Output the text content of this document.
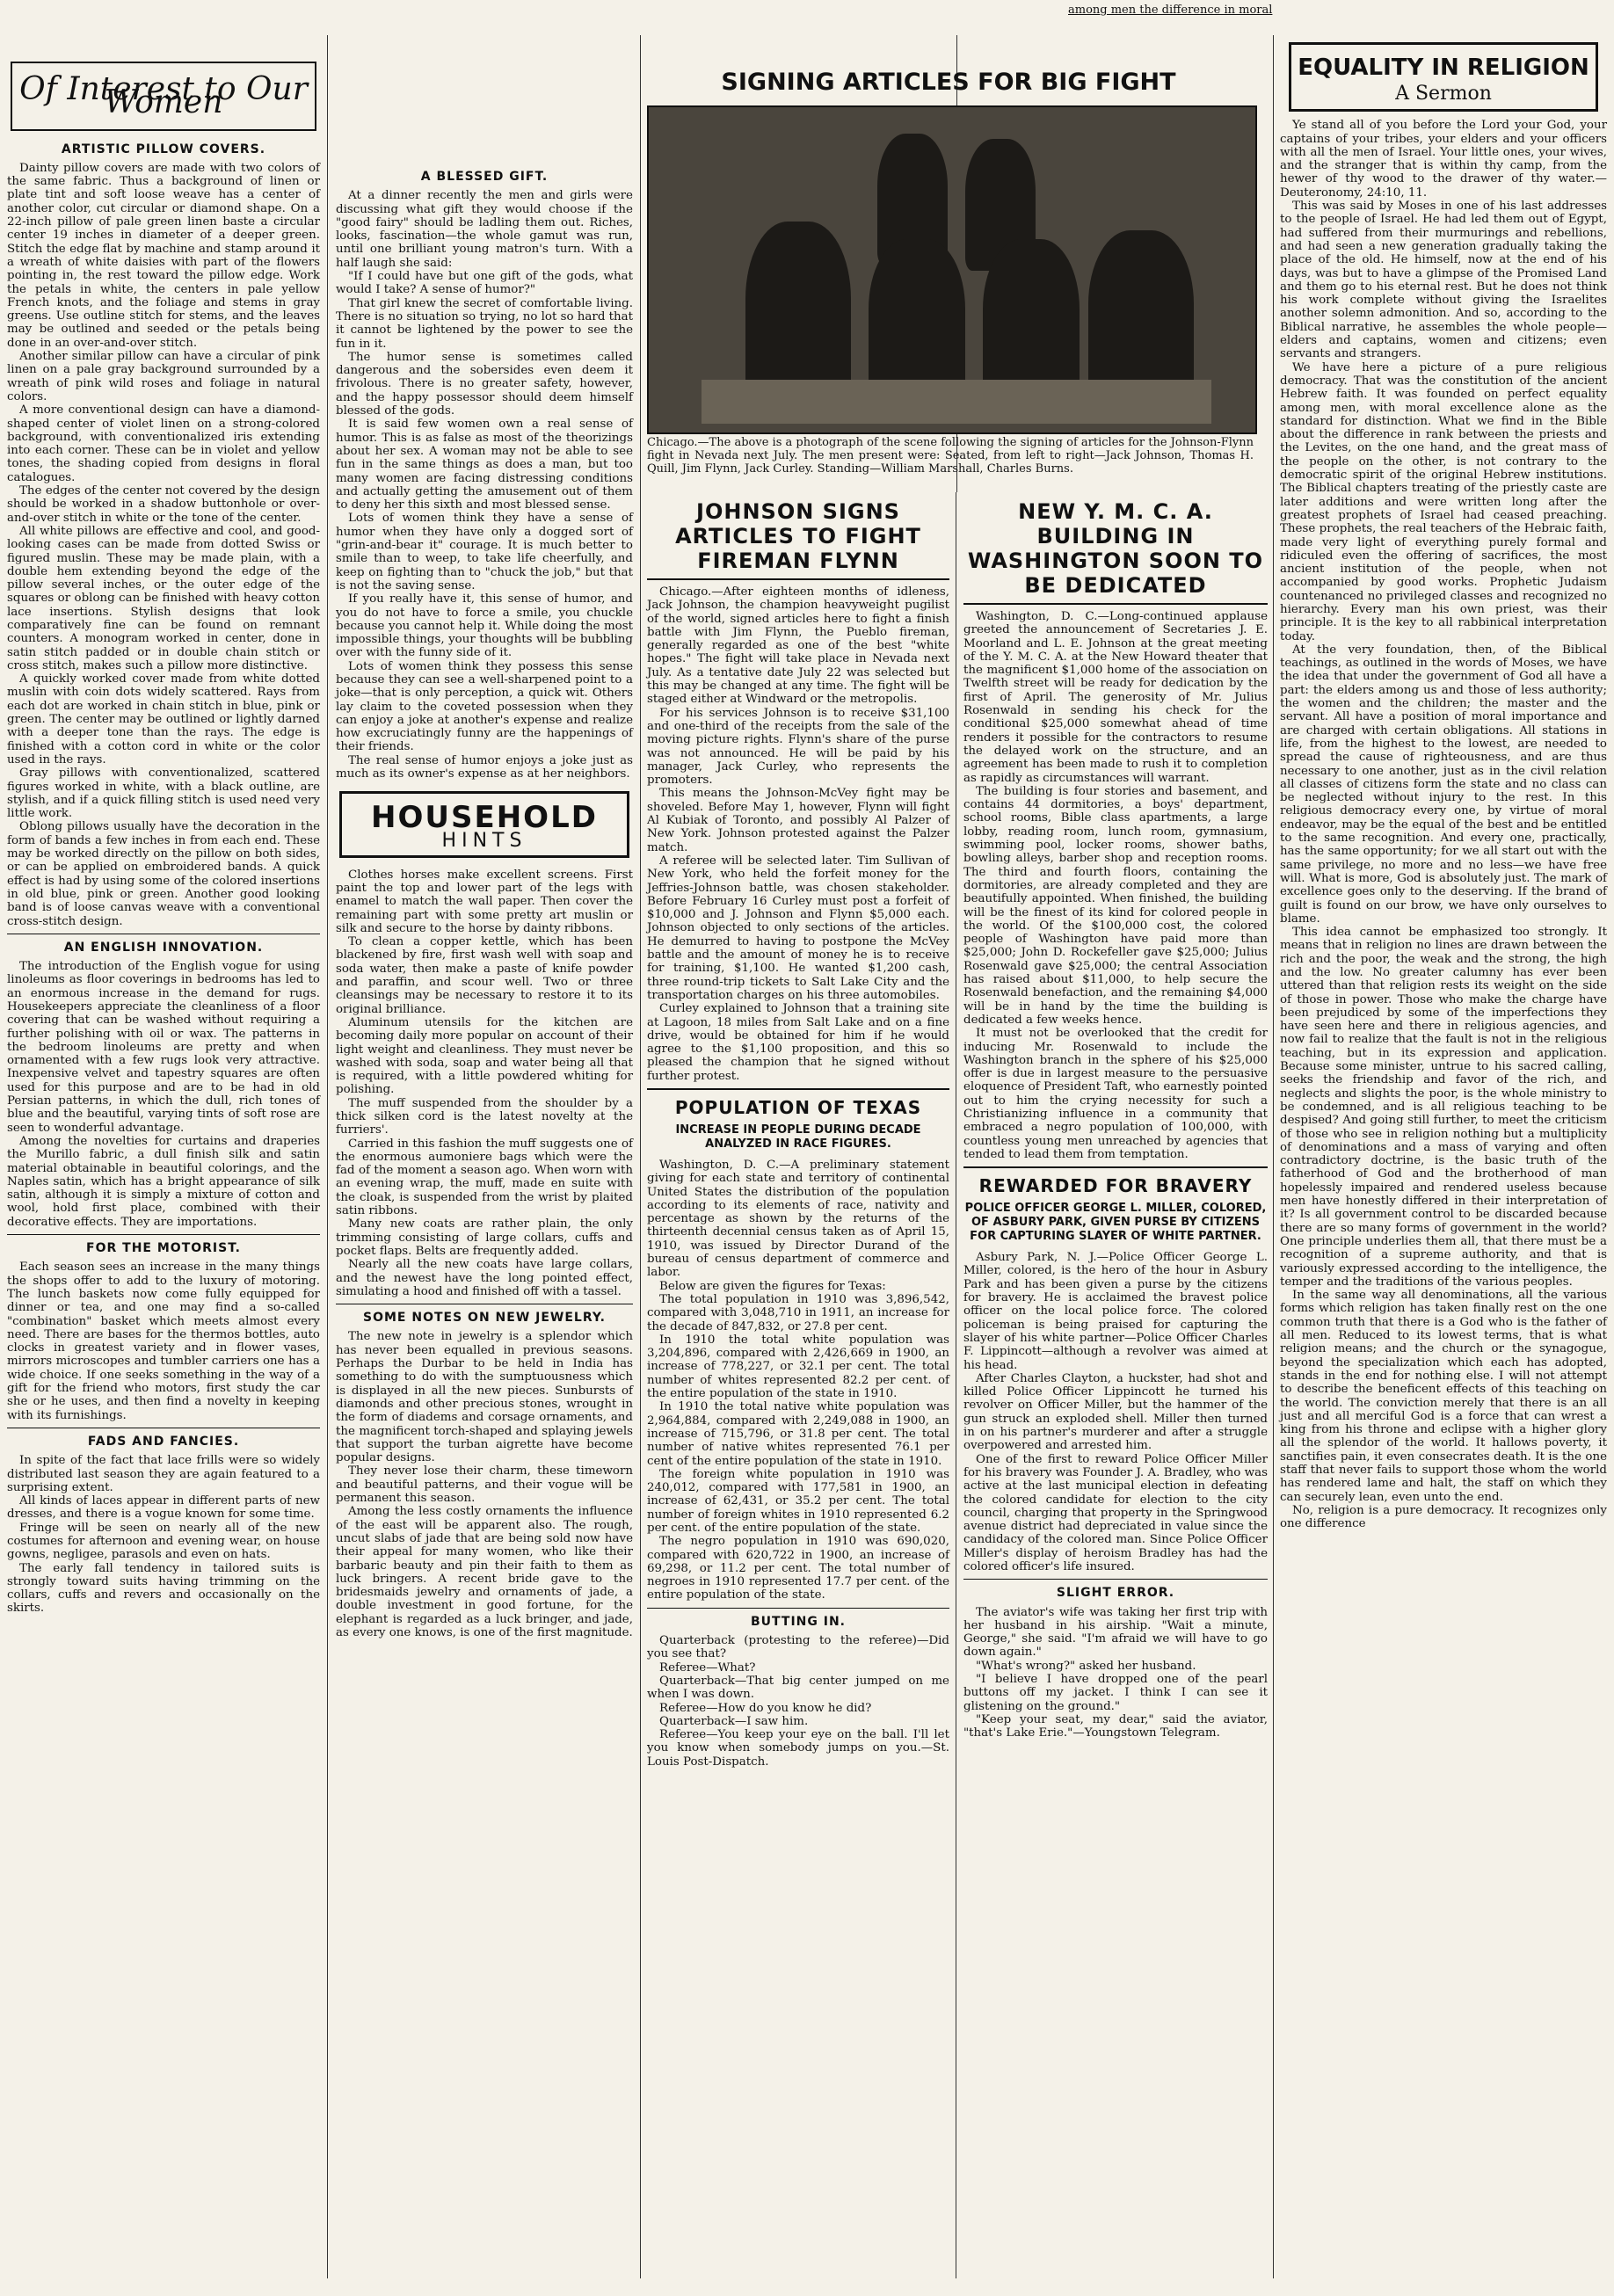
among men the difference in moral
Of Interest to Our Women
ARTISTIC PILLOW COVERS.

Dainty pillow covers are made with two colors of the same fabric. Thus a background of linen or plate tint and soft loose weave has a center of another color, cut circular or diamond shape. On a 22-inch pillow of pale green linen baste a circular center 19 inches in diameter of a deeper green. Stitch the edge flat by machine and stamp around it a wreath of white daisies with part of the flowers pointing in, the rest toward the pillow edge. Work the petals in white, the centers in pale yellow French knots, and the foliage and stems in gray greens. Use outline stitch for stems, and the leaves may be outlined and seeded or the petals being done in an over-and-over stitch.

Another similar pillow can have a circular of pink linen on a pale gray background surrounded by a wreath of pink wild roses and foliage in natural colors.

A more conventional design can have a diamond-shaped center of violet linen on a strong-colored background, with conventionalized iris extending into each corner. These can be in violet and yellow tones, the shading copied from designs in floral catalogues.

The edges of the center not covered by the design should be worked in a shadow buttonhole or over-and-over stitch in white or the tone of the center.

All white pillows are effective and cool, and good-looking cases can be made from dotted Swiss or figured muslin. These may be made plain, with a double hem extending beyond the edge of the pillow several inches, or the outer edge of the squares or oblong can be finished with heavy cotton lace insertions. Stylish designs that look comparatively fine can be found on remnant counters. A monogram worked in center, done in satin stitch padded or in double chain stitch or cross stitch, makes such a pillow more distinctive.

A quickly worked cover made from white dotted muslin with coin dots widely scattered. Rays from each dot are worked in chain stitch in blue, pink or green. The center may be outlined or lightly darned with a deeper tone than the rays. The edge is finished with a cotton cord in white or the color used in the rays.

Gray pillows with conventionalized, scattered figures worked in white, with a black outline, are stylish, and if a quick filling stitch is used need very little work.

Oblong pillows usually have the decoration in the form of bands a few inches in from each end. These may be worked directly on the pillow on both sides, or can be applied on embroidered bands. A quick effect is had by using some of the colored insertions in old blue, pink or green. Another good looking band is of loose canvas weave with a conventional cross-stitch design.

AN ENGLISH INNOVATION.

The introduction of the English vogue for using linoleums as floor coverings in bedrooms has led to an enormous increase in the demand for rugs. Housekeepers appreciate the cleanliness of a floor covering that can be washed without requiring a further polishing with oil or wax. The patterns in the bedroom linoleums are pretty and when ornamented with a few rugs look very attractive. Inexpensive velvet and tapestry squares are often used for this purpose and are to be had in old Persian patterns, in which the dull, rich tones of blue and the beautiful, varying tints of soft rose are seen to wonderful advantage.

Among the novelties for curtains and draperies the Murillo fabric, a dull finish silk and satin material obtainable in beautiful colorings, and the Naples satin, which has a bright appearance of silk satin, although it is simply a mixture of cotton and wool, hold first place, combined with their decorative effects. They are importations.

FOR THE MOTORIST.

Each season sees an increase in the many things the shops offer to add to the luxury of motoring. The lunch baskets now come fully equipped for dinner or tea, and one may find a so-called "combination" basket which meets almost every need. There are bases for the thermos bottles, auto clocks in greatest variety and in flower vases, mirrors microscopes and tumbler carriers one has a wide choice. If one seeks something in the way of a gift for the friend who motors, first study the car she or he uses, and then find a novelty in keeping with its furnishings.

FADS AND FANCIES.

In spite of the fact that lace frills were so widely distributed last season they are again featured to a surprising extent.

All kinds of laces appear in different parts of new dresses, and there is a vogue known for some time.

Fringe will be seen on nearly all of the new costumes for afternoon and evening wear, on house gowns, negligee, parasols and even on hats.

The early fall tendency in tailored suits is strongly toward suits having trimming on the collars, cuffs and revers and occasionally on the skirts.

A BLESSED GIFT.

At a dinner recently the men and girls were discussing what gift they would choose if the "good fairy" should be ladling them out. Riches, looks, fascination—the whole gamut was run, until one brilliant young matron's turn. With a half laugh she said:

"If I could have but one gift of the gods, what would I take? A sense of humor?"

That girl knew the secret of comfortable living. There is no situation so trying, no lot so hard that it cannot be lightened by the power to see the fun in it.

The humor sense is sometimes called dangerous and the sobersides even deem it frivolous. There is no greater safety, however, and the happy possessor should deem himself blessed of the gods.

It is said few women own a real sense of humor. This is as false as most of the theorizings about her sex. A woman may not be able to see fun in the same things as does a man, but too many women are facing distressing conditions and actually getting the amusement out of them to deny her this sixth and most blessed sense.

Lots of women think they have a sense of humor when they have only a dogged sort of "grin-and-bear it" courage. It is much better to smile than to weep, to take life cheerfully, and keep on fighting than to "chuck the job," but that is not the saving sense.

If you really have it, this sense of humor, and you do not have to force a smile, you chuckle because you cannot help it. While doing the most impossible things, your thoughts will be bubbling over with the funny side of it.

Lots of women think they possess this sense because they can see a well-sharpened point to a joke—that is only perception, a quick wit. Others lay claim to the coveted possession when they can enjoy a joke at another's expense and realize how excruciatingly funny are the happenings of their friends.

The real sense of humor enjoys a joke just as much as its owner's expense as at her neighbors.

HOUSEHOLD
HINTS

Clothes horses make excellent screens. First paint the top and lower part of the legs with enamel to match the wall paper. Then cover the remaining part with some pretty art muslin or silk and secure to the horse by dainty ribbons.

To clean a copper kettle, which has been blackened by fire, first wash well with soap and soda water, then make a paste of knife powder and paraffin, and scour well. Two or three cleansings may be necessary to restore it to its original brilliance.

Aluminum utensils for the kitchen are becoming daily more popular on account of their light weight and cleanliness. They must never be washed with soda, soap and water being all that is required, with a little powdered whiting for polishing.

The muff suspended from the shoulder by a thick silken cord is the latest novelty at the furriers'.

Carried in this fashion the muff suggests one of the enormous aumoniere bags which were the fad of the moment a season ago. When worn with an evening wrap, the muff, made en suite with the cloak, is suspended from the wrist by plaited satin ribbons.

Many new coats are rather plain, the only trimming consisting of large collars, cuffs and pocket flaps. Belts are frequently added.

Nearly all the new coats have large collars, and the newest have the long pointed effect, simulating a hood and finished off with a tassel.

SOME NOTES ON NEW JEWELRY.

The new note in jewelry is a splendor which has never been equalled in previous seasons. Perhaps the Durbar to be held in India has something to do with the sumptuousness which is displayed in all the new pieces. Sunbursts of diamonds and other precious stones, wrought in the form of diadems and corsage ornaments, and the magnificent torch-shaped and splaying jewels that support the turban aigrette have become popular designs.

They never lose their charm, these timeworn and beautiful patterns, and their vogue will be permanent this season.

Among the less costly ornaments the influence of the east will be apparent also. The rough, uncut slabs of jade that are being sold now have their appeal for many women, who like their barbaric beauty and pin their faith to them as luck bringers. A recent bride gave to the bridesmaids jewelry and ornaments of jade, a double investment in good fortune, for the elephant is regarded as a luck bringer, and jade, as every one knows, is one of the first magnitude.

SIGNING ARTICLES FOR BIG FIGHT
Chicago.—The above is a photograph of the scene following the signing of articles for the Johnson-Flynn fight in Nevada next July. The men present were: Seated, from left to right—Jack Johnson, Thomas H. Quill, Jim Flynn, Jack Curley. Standing—William Marshall, Charles Burns.
JOHNSON SIGNS ARTICLES TO FIGHT FIREMAN FLYNN

Chicago.—After eighteen months of idleness, Jack Johnson, the champion heavyweight pugilist of the world, signed articles here to fight a finish battle with Jim Flynn, the Pueblo fireman, generally regarded as one of the best "white hopes." The fight will take place in Nevada next July. As a tentative date July 22 was selected but this may be changed at any time. The fight will be staged either at Windward or the metropolis.

For his services Johnson is to receive $31,100 and one-third of the receipts from the sale of the moving picture rights. Flynn's share of the purse was not announced. He will be paid by his manager, Jack Curley, who represents the promoters.

This means the Johnson-McVey fight may be shoveled. Before May 1, however, Flynn will fight Al Kubiak of Toronto, and possibly Al Palzer of New York. Johnson protested against the Palzer match.

A referee will be selected later. Tim Sullivan of New York, who held the forfeit money for the Jeffries-Johnson battle, was chosen stakeholder. Before February 16 Curley must post a forfeit of $10,000 and J. Johnson and Flynn $5,000 each. Johnson objected to only sections of the articles. He demurred to having to postpone the McVey battle and the amount of money he is to receive for training, $1,100. He wanted $1,200 cash, three round-trip tickets to Salt Lake City and the transportation charges on his three automobiles.

Curley explained to Johnson that a training site at Lagoon, 18 miles from Salt Lake and on a fine drive, would be obtained for him if he would agree to the $1,100 proposition, and this so pleased the champion that he signed without further protest.

POPULATION OF TEXAS
INCREASE IN PEOPLE DURING DECADE ANALYZED IN RACE FIGURES.

Washington, D. C.—A preliminary statement giving for each state and territory of continental United States the distribution of the population according to its elements of race, nativity and percentage as shown by the returns of the thirteenth decennial census taken as of April 15, 1910, was issued by Director Durand of the bureau of census department of commerce and labor.

Below are given the figures for Texas:

The total population in 1910 was 3,896,542, compared with 3,048,710 in 1911, an increase for the decade of 847,832, or 27.8 per cent.

In 1910 the total white population was 3,204,896, compared with 2,426,669 in 1900, an increase of 778,227, or 32.1 per cent. The total number of whites represented 82.2 per cent. of the entire population of the state in 1910.

In 1910 the total native white population was 2,964,884, compared with 2,249,088 in 1900, an increase of 715,796, or 31.8 per cent. The total number of native whites represented 76.1 per cent of the entire population of the state in 1910.

The foreign white population in 1910 was 240,012, compared with 177,581 in 1900, an increase of 62,431, or 35.2 per cent. The total number of foreign whites in 1910 represented 6.2 per cent. of the entire population of the state.

The negro population in 1910 was 690,020, compared with 620,722 in 1900, an increase of 69,298, or 11.2 per cent. The total number of negroes in 1910 represented 17.7 per cent. of the entire population of the state.

BUTTING IN.

Quarterback (protesting to the referee)—Did you see that?

Referee—What?

Quarterback—That big center jumped on me when I was down.

Referee—How do you know he did?

Quarterback—I saw him.

Referee—You keep your eye on the ball. I'll let you know when somebody jumps on you.—St. Louis Post-Dispatch.

NEW Y. M. C. A. BUILDING IN WASHINGTON SOON TO BE DEDICATED

Washington, D. C.—Long-continued applause greeted the announcement of Secretaries J. E. Moorland and L. E. Johnson at the great meeting of the Y. M. C. A. at the New Howard theater that the magnificent $1,000 home of the association on Twelfth street will be ready for dedication by the first of April. The generosity of Mr. Julius Rosenwald in sending his check for the conditional $25,000 somewhat ahead of time renders it possible for the contractors to resume the delayed work on the structure, and an agreement has been made to rush it to completion as rapidly as circumstances will warrant.

The building is four stories and basement, and contains 44 dormitories, a boys' department, school rooms, Bible class apartments, a large lobby, reading room, lunch room, gymnasium, swimming pool, locker rooms, shower baths, bowling alleys, barber shop and reception rooms. The third and fourth floors, containing the dormitories, are already completed and they are beautifully appointed. When finished, the building will be the finest of its kind for colored people in the world. Of the $100,000 cost, the colored people of Washington have paid more than $25,000; John D. Rockefeller gave $25,000; Julius Rosenwald gave $25,000; the central Association has raised about $11,000, to help secure the Rosenwald benefaction, and the remaining $4,000 will be in hand by the time the building is dedicated a few weeks hence.

It must not be overlooked that the credit for inducing Mr. Rosenwald to include the Washington branch in the sphere of his $25,000 offer is due in largest measure to the persuasive eloquence of President Taft, who earnestly pointed out to him the crying necessity for such a Christianizing influence in a community that embraced a negro population of 100,000, with countless young men unreached by agencies that tended to lead them from temptation.

REWARDED FOR BRAVERY
POLICE OFFICER GEORGE L. MILLER, COLORED, OF ASBURY PARK, GIVEN PURSE BY CITIZENS FOR CAPTURING SLAYER OF WHITE PARTNER.

Asbury Park, N. J.—Police Officer George L. Miller, colored, is the hero of the hour in Asbury Park and has been given a purse by the citizens for bravery. He is acclaimed the bravest police officer on the local police force. The colored policeman is being praised for capturing the slayer of his white partner—Police Officer Charles F. Lippincott—although a revolver was aimed at his head.

After Charles Clayton, a huckster, had shot and killed Police Officer Lippincott he turned his revolver on Officer Miller, but the hammer of the gun struck an exploded shell. Miller then turned in on his partner's murderer and after a struggle overpowered and arrested him.

One of the first to reward Police Officer Miller for his bravery was Founder J. A. Bradley, who was active at the last municipal election in defeating the colored candidate for election to the city council, charging that property in the Springwood avenue district had depreciated in value since the candidacy of the colored man. Since Police Officer Miller's display of heroism Bradley has had the colored officer's life insured.

SLIGHT ERROR.

The aviator's wife was taking her first trip with her husband in his airship. "Wait a minute, George," she said. "I'm afraid we will have to go down again."

"What's wrong?" asked her husband.

"I believe I have dropped one of the pearl buttons off my jacket. I think I can see it glistening on the ground."

"Keep your seat, my dear," said the aviator, "that's Lake Erie."—Youngstown Telegram.

EQUALITY IN RELIGION
A Sermon

Ye stand all of you before the Lord your God, your captains of your tribes, your elders and your officers with all the men of Israel. Your little ones, your wives, and the stranger that is within thy camp, from the hewer of thy wood to the drawer of thy water.—Deuteronomy, 24:10, 11.

This was said by Moses in one of his last addresses to the people of Israel. He had led them out of Egypt, had suffered from their murmurings and rebellions, and had seen a new generation gradually taking the place of the old. He himself, now at the end of his days, was but to have a glimpse of the Promised Land and them go to his eternal rest. But he does not think his work complete without giving the Israelites another solemn admonition. And so, according to the Biblical narrative, he assembles the whole people—elders and captains, women and citizens; even servants and strangers.

We have here a picture of a pure religious democracy. That was the constitution of the ancient Hebrew faith. It was founded on perfect equality among men, with moral excellence alone as the standard for distinction. What we find in the Bible about the difference in rank between the priests and the Levites, on the one hand, and the great mass of the people on the other, is not contrary to the democratic spirit of the original Hebrew institutions. The Biblical chapters treating of the priestly caste are later additions and were written long after the greatest prophets of Israel had ceased preaching. These prophets, the real teachers of the Hebraic faith, made very light of everything purely formal and ridiculed even the offering of sacrifices, the most ancient institution of the people, when not accompanied by good works. Prophetic Judaism countenanced no privileged classes and recognized no hierarchy. Every man his own priest, was their principle. It is the key to all rabbinical interpretation today.

At the very foundation, then, of the Biblical teachings, as outlined in the words of Moses, we have the idea that under the government of God all have a part: the elders among us and those of less authority; the women and the children; the master and the servant. All have a position of moral importance and are charged with certain obligations. All stations in life, from the highest to the lowest, are needed to spread the cause of righteousness, and are thus necessary to one another, just as in the civil relation all classes of citizens form the state and no class can be neglected without injury to the rest. In this religious democracy every one, by virtue of moral endeavor, may be the equal of the best and be entitled to the same recognition. And every one, practically, has the same opportunity; for we all start out with the same privilege, no more and no less—we have free will. What is more, God is absolutely just. The mark of excellence goes only to the deserving. If the brand of guilt is found on our brow, we have only ourselves to blame.

This idea cannot be emphasized too strongly. It means that in religion no lines are drawn between the rich and the poor, the weak and the strong, the high and the low. No greater calumny has ever been uttered than that religion rests its weight on the side of those in power. Those who make the charge have been prejudiced by some of the imperfections they have seen here and there in religious agencies, and now fail to realize that the fault is not in the religious teaching, but in its expression and application. Because some minister, untrue to his sacred calling, seeks the friendship and favor of the rich, and neglects and slights the poor, is the whole ministry to be condemned, and is all religious teaching to be despised? And going still further, to meet the criticism of those who see in religion nothing but a multiplicity of denominations and a mass of varying and often contradictory doctrine, is the basic truth of the fatherhood of God and the brotherhood of man hopelessly impaired and rendered useless because men have honestly differed in their interpretation of it? Is all government control to be discarded because there are so many forms of government in the world? One principle underlies them all, that there must be a recognition of a supreme authority, and that is variously expressed according to the intelligence, the temper and the traditions of the various peoples.

In the same way all denominations, all the various forms which religion has taken finally rest on the one common truth that there is a God who is the father of all men. Reduced to its lowest terms, that is what religion means; and the church or the synagogue, beyond the specialization which each has adopted, stands in the end for nothing else. I will not attempt to describe the beneficent effects of this teaching on the world. The conviction merely that there is an all just and all merciful God is a force that can wrest a king from his throne and eclipse with a higher glory all the splendor of the world. It hallows poverty, it sanctifies pain, it even consecrates death. It is the one staff that never fails to support those whom the world has rendered lame and halt, the staff on which they can securely lean, even unto the end.

No, religion is a pure democracy. It recognizes only one difference
